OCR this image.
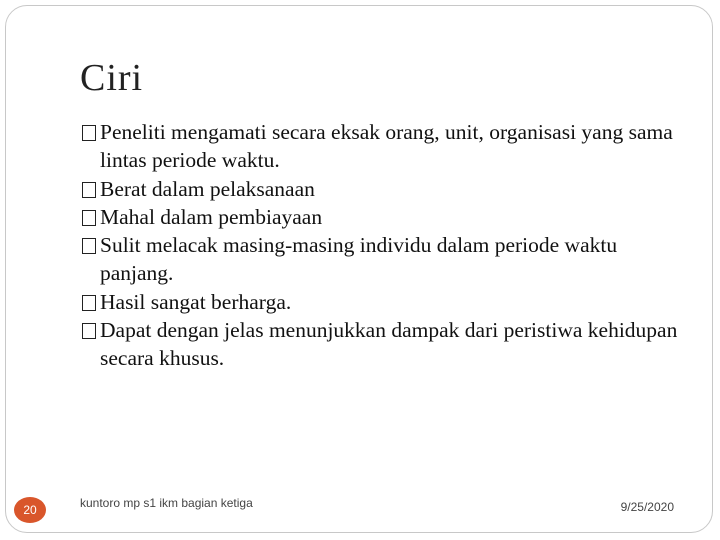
Ciri
Peneliti mengamati secara eksak orang, unit, organisasi yang sama lintas periode waktu.
Berat dalam pelaksanaan
Mahal dalam pembiayaan
Sulit melacak masing-masing individu dalam periode waktu panjang.
Hasil sangat berharga.
Dapat dengan jelas menunjukkan dampak dari peristiwa kehidupan secara khusus.
20	kuntoro mp s1 ikm bagian ketiga	9/25/2020
